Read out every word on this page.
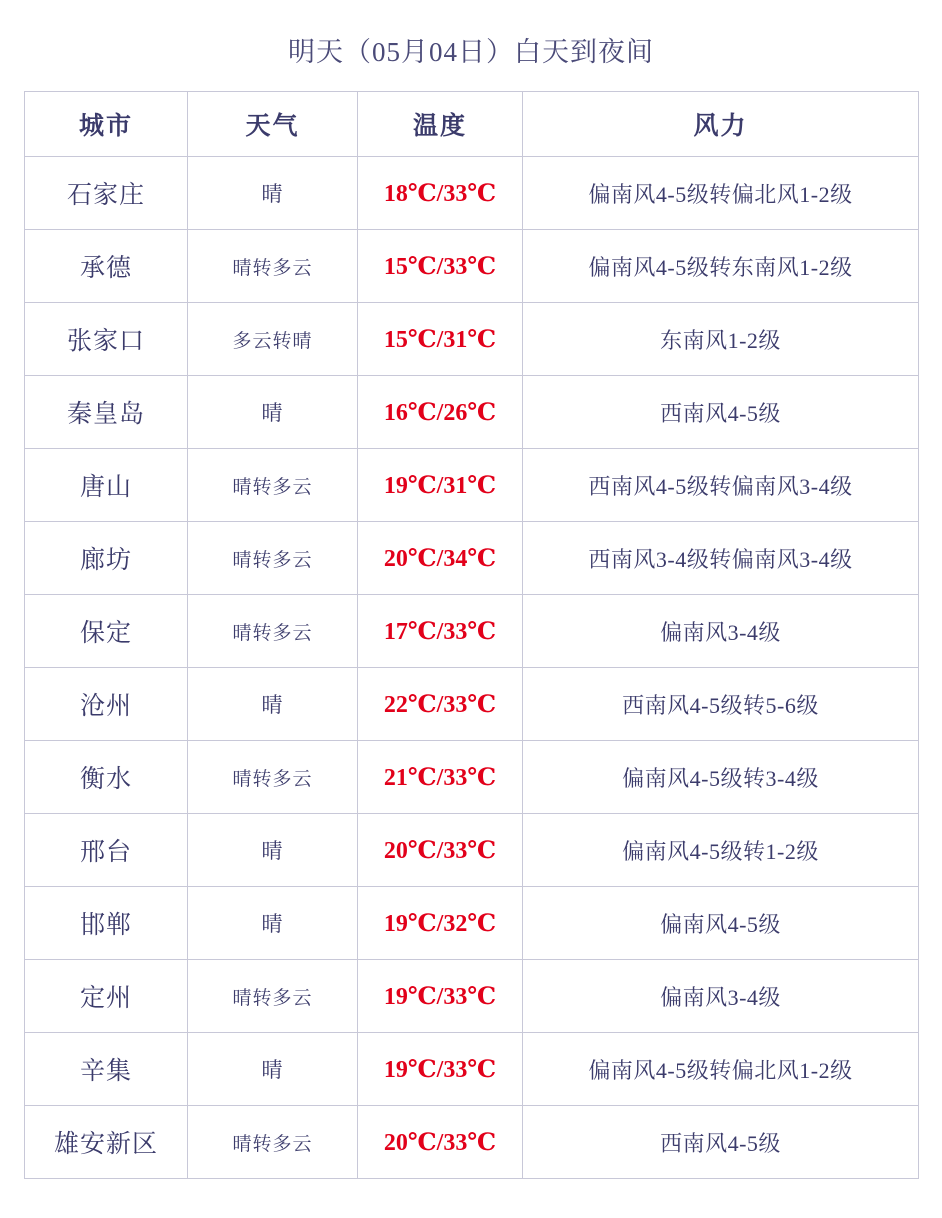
明天（05月04日）白天到夜间
城市	天气	温度	风力
石家庄	晴	18℃/33℃	偏南风4-5级转偏北风1-2级
承德	晴转多云	15℃/33℃	偏南风4-5级转东南风1-2级
张家口	多云转晴	15℃/31℃	东南风1-2级
秦皇岛	晴	16℃/26℃	西南风4-5级
唐山	晴转多云	19℃/31℃	西南风4-5级转偏南风3-4级
廊坊	晴转多云	20℃/34℃	西南风3-4级转偏南风3-4级
保定	晴转多云	17℃/33℃	偏南风3-4级
沧州	晴	22℃/33℃	西南风4-5级转5-6级
衡水	晴转多云	21℃/33℃	偏南风4-5级转3-4级
邢台	晴	20℃/33℃	偏南风4-5级转1-2级
邯郸	晴	19℃/32℃	偏南风4-5级
定州	晴转多云	19℃/33℃	偏南风3-4级
辛集	晴	19℃/33℃	偏南风4-5级转偏北风1-2级
雄安新区	晴转多云	20℃/33℃	西南风4-5级
